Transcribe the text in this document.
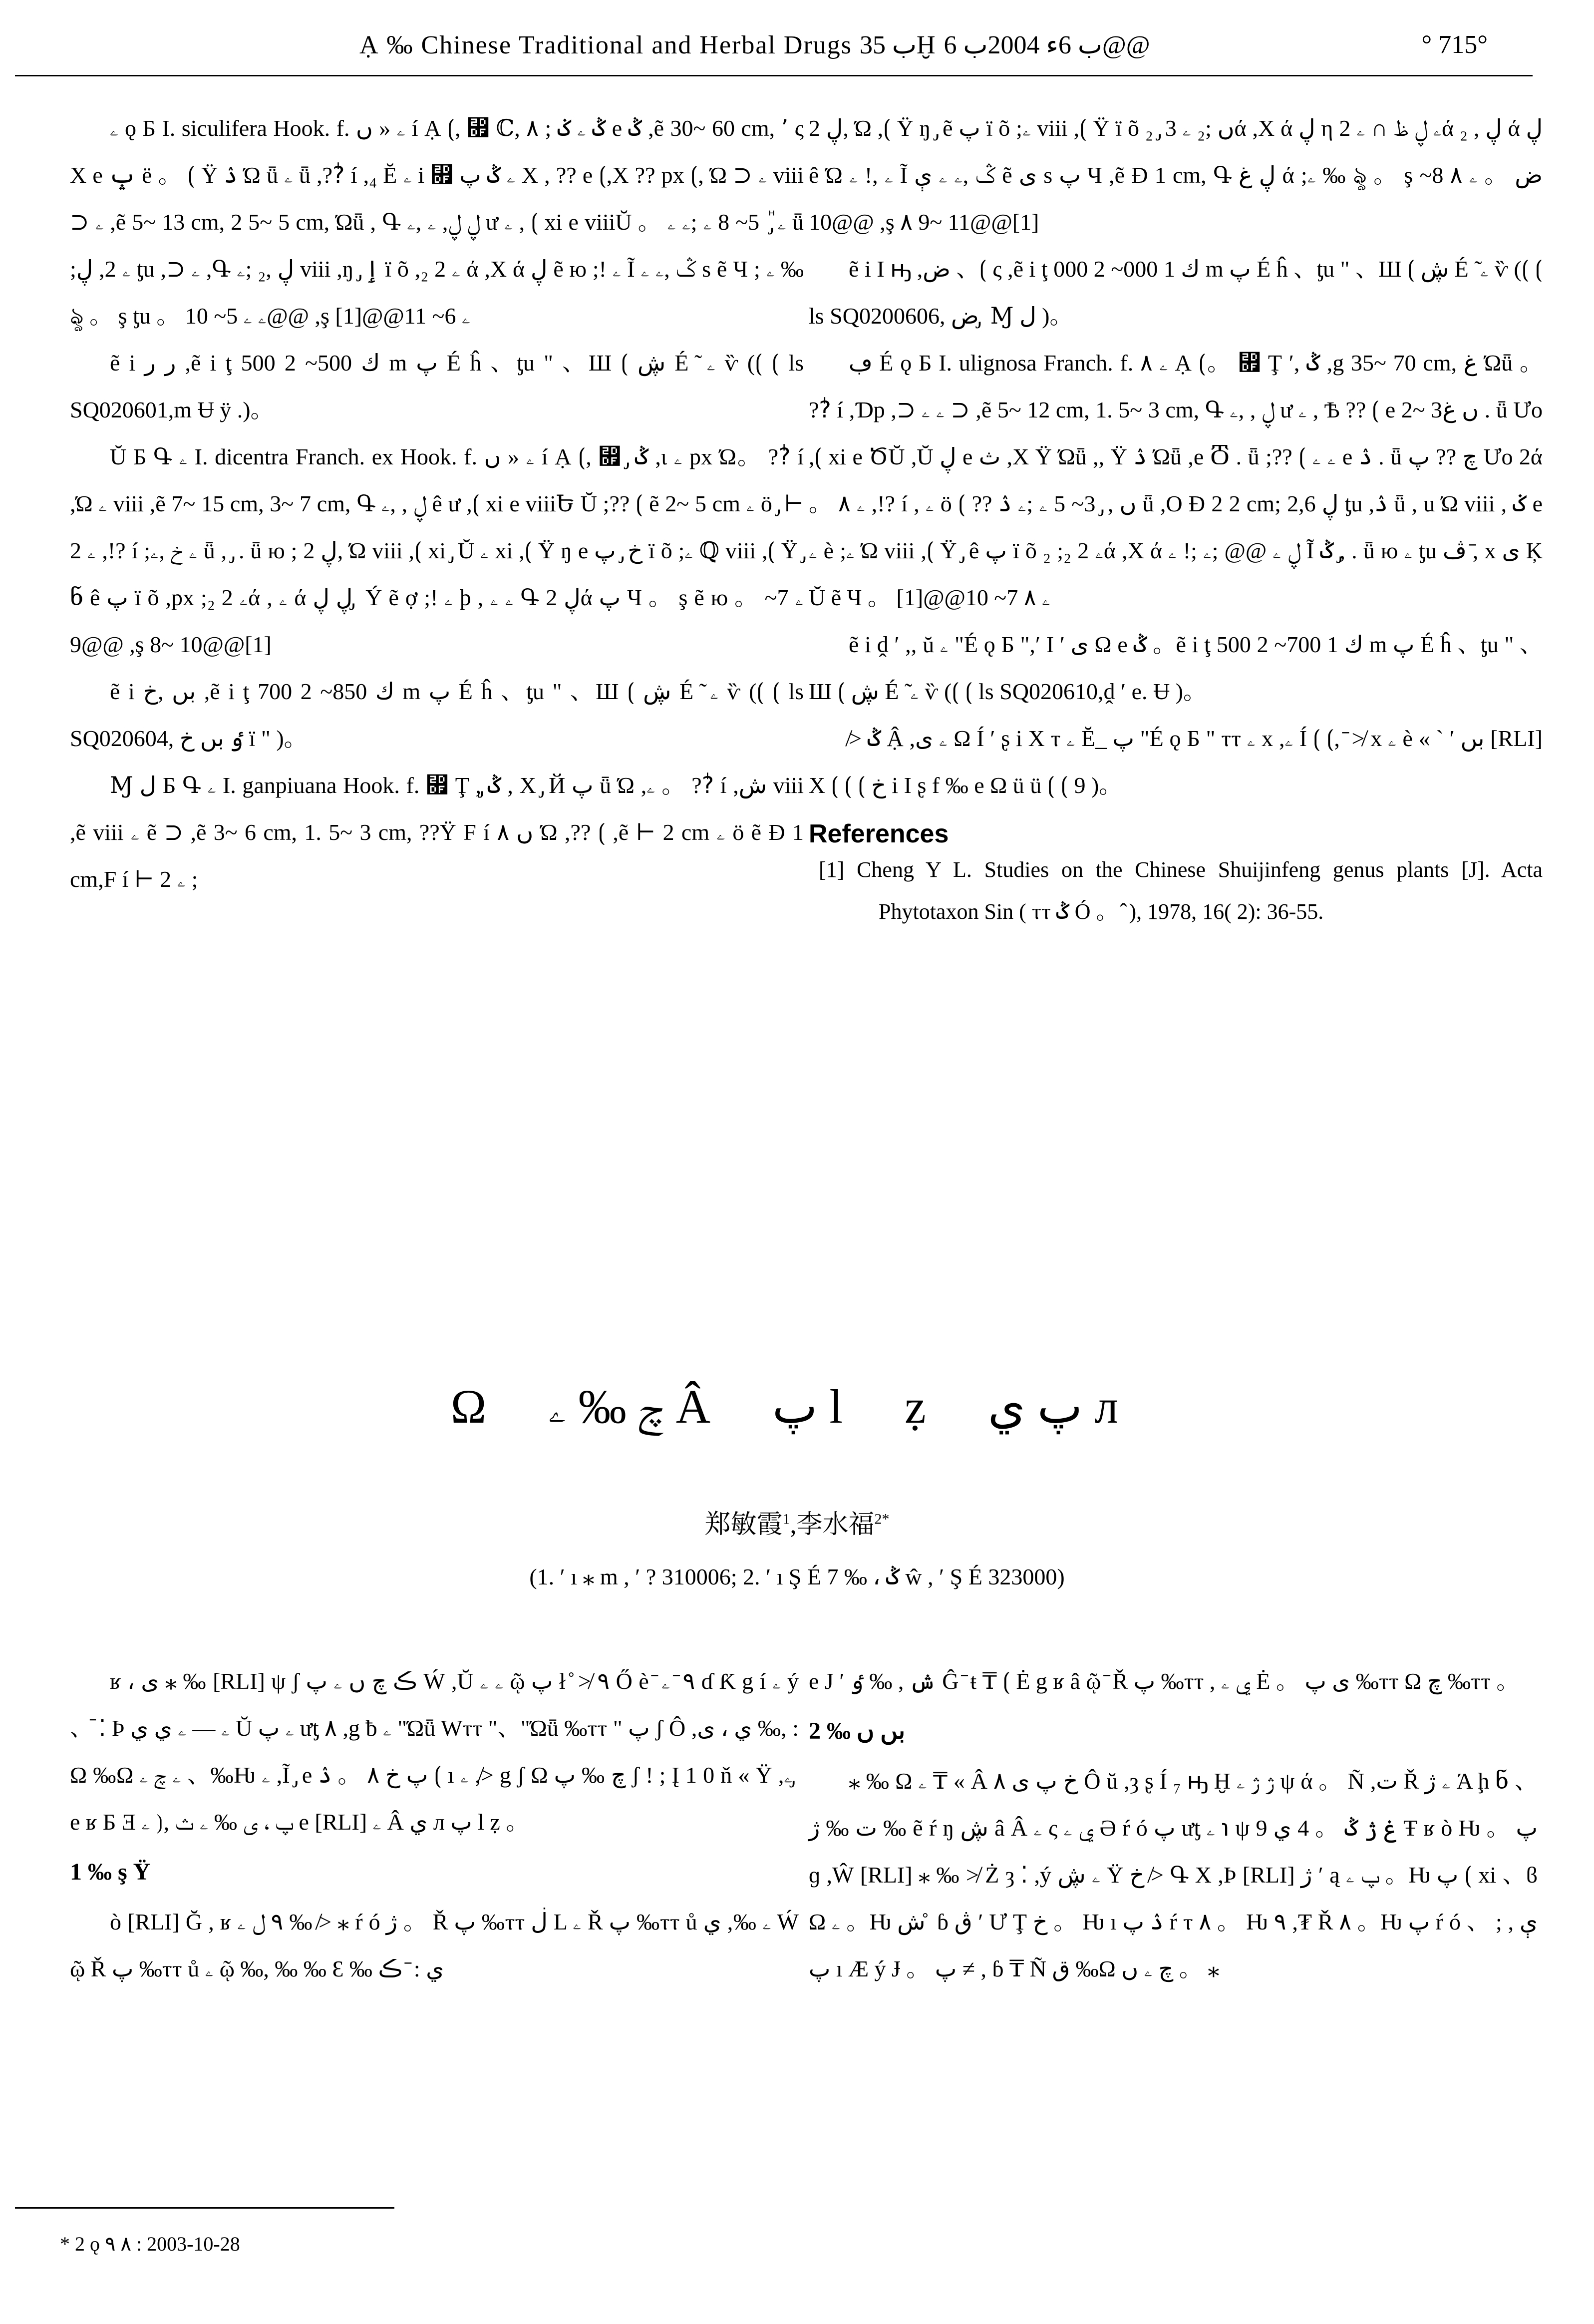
Ạ ‰ Chinese Traditional and Herbal Drugs ب 35Ḫ ب 6ء 2004ب 6@@	° 715°

ۦ ǫ Б I. siculifera Hook. f. ۦ « ں í Ạ ⟮, ⷟ ℂ, ۸ ; ݣ ۦ ݢ e ݣ ,ẽ 30~ 60 cm, ٬ ς Χ e ݒ ë 。 ⟮ Ÿ ۮ Ώ ǖ ۦ ǖ ,??ٰ í ,₄ Ĕ ۦ i ⷟ ۦ ݣ پ Χ , ?? e ⟮,Χ ?? px ⟮, Ώ ⊃ ۦ viii ⊃ ۦ ,ẽ 5~ 13 cm, 2 5~ 5 cm, Ώǖ , Գ ڸ ڸ, ۦ ,ۦ ư ۦ , ⟮ xi e viiiŬ 。 ۦ ⷩ ̡ 5~ 8 ۦ ;ۦ ۦ ǖ ;ۦ 2, ڸ ƫu ,⊃ ۦ ,Գ ڸ ,₂ ;ۦ viii ,ŋ ̡ ٳ ï õ ,₂ ۦ 2 ά ,Χ ά ڸ ẽ ю ;! ۦ Ĩ ݣ ,ۦ ۦ ѕ ẽ Ч ; ۦ ‰ ৡ 。 ş ƫu 。 ۦ ۦ 5~ 10@@ ,ş ۦ 6~ 11@@[1]

ẽ i ر ر ,ẽ i ţ ك 500~ 2 500 m پ É ĥ 、ƫu " 、Ш ⟮ ڜ É ̃ ۦ ѷ (⟮ ⟮ ls SQ020601,m Ʉ ÿ .)。

Ŭ Б Գ ۦ I. dicentra Franch. ex Hook. f. ۦ « ں í Ạ ⟮, ⷟ ̡ ݣ ,ι ۦ px Ώ。 ??ٰ í ,Ώ ۦ viii ,ẽ 7~ 15 cm, 3~ 7 cm, Գ ڸ , ,ۦ ê ư ,⟮ xi e viiiԵ Ŭ ;?? ⟮ ẽ 2~ 5 cm ۦ ö ̡ ⊢ 2 ۦ ,!? í ;ۦ خ ,ۦ ǖ , ̡ . ǖ ю ; ڸ 2, Ώ viii ,⟮ xi ̡ Ŭ ۦ xi ,⟮ Ÿ ŋ e خ ̡ پ ï õ ;ۦ ℚ viii ,⟮ Ÿ ̡ ნ ê پ ï õ ,px ;₂ ۦ 2ά , ۦ ά ڸ ڸ ̡ Ý ẽ ợ ;! ۦ þ , ۦ ۦ Գ ڸ 2ά پ Ч 。 ş ẽ ю 。 ۦ 7~ 9@@ ,ş 8~ 10@@[1]

ẽ i بں ,خ ,ẽ i ţ ك 850~ 2 700 m پ É ĥ 、ƫu " 、Ш ⟮ ڜ É ̃ ۦ ѷ (⟮ ⟮ ls SQ020604, ٶ بں خ ï " )。

Ɱ ل Б Գ ۦ I. ganpiuana Hook. f. ⷟ Ţ ,̡ ݣ , Χ ̡ Й پ ǖ Ώ ,ۦ 。 ??ٰ í ,ش viii ,ẽ viii ۦ ẽ ⊃ ,ẽ 3~ 6 cm, 1. 5~ 3 cm, ??Ÿ F í ۸ ں Ώ ,?? ⟮ ,ẽ ⊢ 2 cm ۦ ö ẽ Ɖ 1 cm,F í ⊢ 2 ۦ ;

ڸ 2, Ώ ,⟮ Ÿ ŋ ̡ ẽ پ ï õ ;ۦ viii ,⟮ Ÿ ï õ ₂ ̡ ں ;₂ ۦ 3ά ,Χ ά ڸ η ۦ ڸ ظ ∩ ۦ 2ά ڸ , ₂ ά ڸ ê Ώ ۦ ,! ۦ Ĩ ݣ ,ۦ ۦ ې ẽ ى ѕ پ Ч ,ẽ Ɖ 1 cm, Գ ڸ غ ά ;ۦ ‰ ৡ 。 ş ض 。 ۦ ۸ 8~ 10@@ ,ş ۸ 9~ 11@@[1]

ẽ i I ԣ ,ض 、⟮ ς ,ẽ i ţ ك 1 000~ 2 000 m پ É ĥ 、ƫu " 、Ш ⟮ ڜ É ̃ ۦ ѷ (⟮ ⟮ ls SQ0200606, ض ̡ Ɱ ل )。

ڢ É ǫ Б I. ulignosa Franch. f. ۦ ۸ Ạ ⟮。 ⷟ Ţ ′, ݣ ,g 35~ 70 cm, غ Ώǖ 。 ??ٰ í ,Ɗp ,⊃ ۦ ۦ ⊃ ,ẽ 5~ 12 cm, 1. 5~ 3 cm, Գ ڸ , ,ۦ ư ۦ , Ѣ ?? ⟮ e 2~ 3ں غ . ǖ Ưo ,⟮ xi e ԾŬ ,Ŭ ڸ e ث ,Χ Ÿ Ώǖ ,, Ÿ ۮ Ώǖ ,e Ⴃ . ǖ ;?? ⟮ ۦ ۦ e ۮ . ǖ چ ?? پ Ưo 2ά 。 ۦ ۸ ,!? í , ۦ ö ⟮ ?? ں , ̡ 3~ 5 ۦ ;ۦ ۮ ǖ ,O Ɖ 2 2 cm; ڸ 2,6 ƫu ,ۮ ǖ , u Ώ viii , ݢ e ۦ è ;ۦ Ώ viii ,⟮ Ÿ ̡ ê پ ï õ ₂ ;₂ ۦ 2ά ,Χ ά ڸ ۦ @@ ;ۦ ;! ۦ Ĩ ݣ ,̡ . ǖ ю ۦ ƫu ڤ ,̄ x ى Ķ Ŭ ẽ Ч 。 ۦ ۸ 7~ 10@@[1]

ẽ i ḓ ′ ,, ŭ ۦ "É ǫ Б ",′ I ′ ى Ω e ݣ 。ẽ i ţ ك 1 700~ 2 500 m پ É ĥ 、ƫu " 、Ш ⟮ ڜ É ̃ ۦ ѷ (⟮ ⟮ ls SQ020610,ḓ ′ e. Ʉ )。

≯ ݣ Ậ ,ۦ ى Ω Í ′ ʂ i Χ ⲧ ۦ Ĕ_ پ "É ǫ Б " ⲧⲧ ۦ x ,ۦ Í ⟮ ⟮, ̄ ≯ x ۦ è « ` ′ بں [RLI] Χ ⟮ ⟮ ⟮ خ i I ʂ f ‰ e Ω ü ü ⟮ ⟮ 9 )。

References
[1] Cheng Y L. Studies on the Chinese Shuijinfeng genus plants [J]. Acta Phytotaxon Sin ( ⲧⲧ ݣ Ó 。 ̂ ), 1978, 16( 2): 36-55.
Ω چ ‰ ۦ Â پ l ẓ پ ي л
郑敏霞$^1$,李水福$^{2*}$
(1. ′ ı ⁎ m , ′ ? 310006; 2. ′ ı Ş É 7 ‰ ، ݣ ŵ , ′ Ş É 323000)

ʁ ، ى ⁎ ‰ [RLI] ψ ʃ ڪ چ ں ۦ پ Ẃ ,Ŭ ۦ ۦ ῷ پ ł ̊ ≯ ٩ Ő è ̄ ٩ ̄ ۦ ɗ Ƙ g í ۦ ý 、̄ ⁚ Þ ۦ — ۦ ي ي Ŭ ۦ پ ưƫ ۸ ,g ƀ ۦ "Ώǖ Wⲧⲧ "、"Ώǖ ‰ⲧⲧ " پ ʃ Ô ,ي ، ى ‰, : Ω ‰Ω ۦ چ ۦ 、‰Ƕ ۦ ,Ĩ ̡ e پ خ ۸ 。 ۮ ⟮ ı ۦ ,≯ g ʃ Ω چ ‰ پ ʃ ! ; Į 1 0 ň « Ÿ ,ۦ ̡ e ʁ Б Ǝ پ ، ى ‰ ۦ ث ,⟮ ۦ e [RLI] ۦ Â ي л پ l ẓ 。

1 ‰ ş Ÿ

ò [RLI] Ğ , ʁ ٩ ل ۦ ‰ ≯ ⁎ ŕ ó ژ 。 Ř پ ‰ⲧⲧ ڶ L ۦ Ř پ ‰ⲧⲧ ů ۦ ‰, ي Ẃ ῷ Ř پ ‰ⲧⲧ ů ۦ ῷ ‰, ‰ ‰ Ɛ ‰ ي : ̄ ڪ

e J ′ ش , ‰ ٶ Ĝ ̄ ŧ ₸ ⟮ Ė g ʁ â ῷ ̄ Ř پ ‰ⲧⲧ , ي ۦ Ė 。 ى پ ‰ⲧⲧ Ω چ ‰ⲧⲧ 。

2 ‰ بں ں

⁎ ‰ Ω ۦ ₸ « Â ۸ خ پ ى Ô ŭ ,ȝ ʂ Í ₇ ԣ Ḫ ژ ژ ۦ ψ ά 。 Ñ ,ت Ř ۦ ژ Ά ḩ ნ 、ت ‰ ژ ‰ ẽ ŕ ŋ ڜ â Â ۦ ς ي ۦ Ə ŕ ó پ ưƫ ۦ ℩ ψ غ ژ ݣ 。 4 ي 9 Ŧ ʁ ò Ƕ 。 پ ɡ ,Ŵ [RLI] ⁎ ‰ ≯ Ż ȝ ⁚ ,ý ۦ ڜ Ÿ خ ≯ Գ Χ ,Þ [RLI] ژ ′ ą پ ۦ 。Ƕ پ ⟮ xi 、ϐ Ω ۦ 。Ƕ ش ̊ ɓ ڨ ′ Ư Ţ خ 。 Ƕ ı ۮ پ ŕ ⲧ ۸ 。 Ƕ ٩ ,₮ Ř ۸ 。Ƕ پ ŕ ó 、 ; ې , پ ı Æ ý Ɉ 。 پ ≠ , ɓ ₸ Ñ ق ‰Ω چ ۦ ں 。 ⁎

* 2 ǫ ٩ ۸ : 2003-10-28
